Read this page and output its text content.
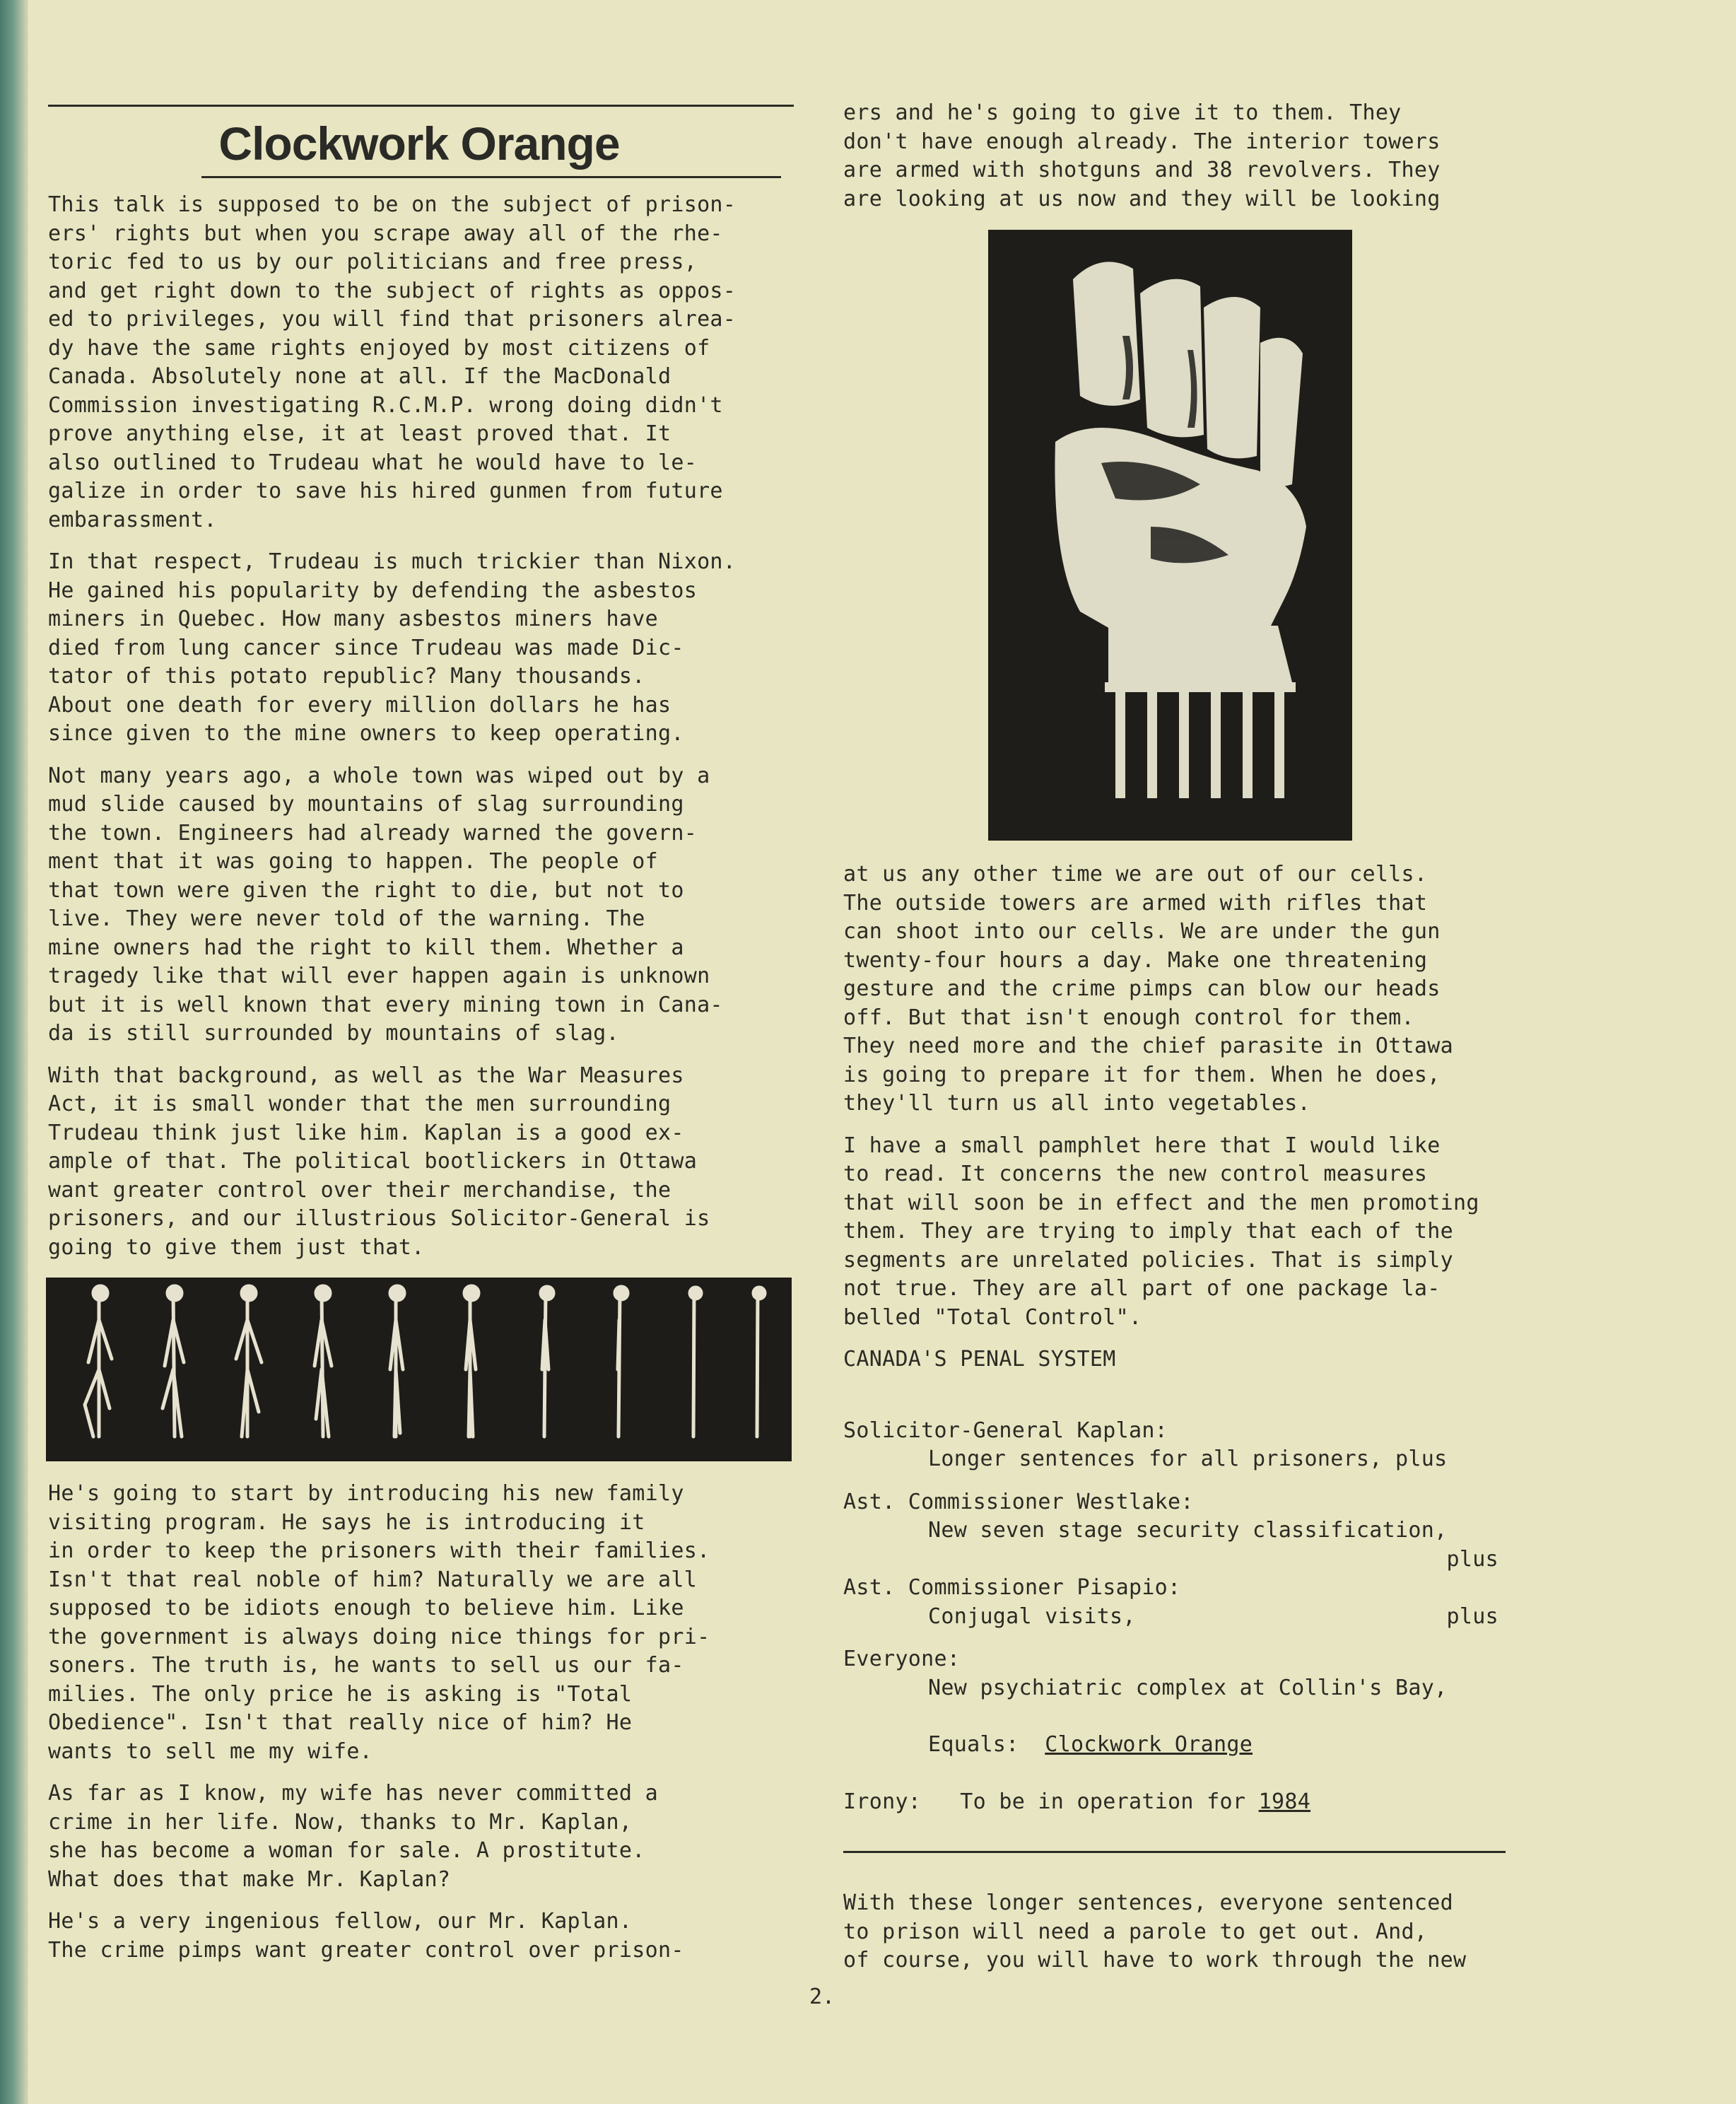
Clockwork Orange

This talk is supposed to be on the subject of prison-
ers' rights but when you scrape away all of the rhe-
toric fed to us by our politicians and free press,
and get right down to the subject of rights as oppos-
ed to privileges, you will find that prisoners alrea-
dy have the same rights enjoyed by most citizens of
Canada. Absolutely none at all. If the MacDonald
Commission investigating R.C.M.P. wrong doing didn't
prove anything else, it at least proved that. It
also outlined to Trudeau what he would have to le-
galize in order to save his hired gunmen from future
embarassment.

In that respect, Trudeau is much trickier than Nixon.
He gained his popularity by defending the asbestos
miners in Quebec. How many asbestos miners have
died from lung cancer since Trudeau was made Dic-
tator of this potato republic? Many thousands.
About one death for every million dollars he has
since given to the mine owners to keep operating.

Not many years ago, a whole town was wiped out by a
mud slide caused by mountains of slag surrounding
the town. Engineers had already warned the govern-
ment that it was going to happen. The people of
that town were given the right to die, but not to
live. They were never told of the warning. The
mine owners had the right to kill them. Whether a
tragedy like that will ever happen again is unknown
but it is well known that every mining town in Cana-
da is still surrounded by mountains of slag.

With that background, as well as the War Measures
Act, it is small wonder that the men surrounding
Trudeau think just like him. Kaplan is a good ex-
ample of that. The political bootlickers in Ottawa
want greater control over their merchandise, the
prisoners, and our illustrious Solicitor-General is
going to give them just that.

He's going to start by introducing his new family
visiting program. He says he is introducing it
in order to keep the prisoners with their families.
Isn't that real noble of him? Naturally we are all
supposed to be idiots enough to believe him. Like
the government is always doing nice things for pri-
soners. The truth is, he wants to sell us our fa-
milies. The only price he is asking is "Total
Obedience". Isn't that really nice of him? He
wants to sell me my wife.

As far as I know, my wife has never committed a
crime in her life. Now, thanks to Mr. Kaplan,
she has become a woman for sale. A prostitute.
What does that make Mr. Kaplan?

He's a very ingenious fellow, our Mr. Kaplan.
The crime pimps want greater control over prison-

ers and he's going to give it to them. They
don't have enough already. The interior towers
are armed with shotguns and 38 revolvers. They
are looking at us now and they will be looking

at us any other time we are out of our cells.
The outside towers are armed with rifles that
can shoot into our cells. We are under the gun
twenty-four hours a day. Make one threatening
gesture and the crime pimps can blow our heads
off. But that isn't enough control for them.
They need more and the chief parasite in Ottawa
is going to prepare it for them. When he does,
they'll turn us all into vegetables.

I have a small pamphlet here that I would like
to read. It concerns the new control measures
that will soon be in effect and the men promoting
them. They are trying to imply that each of the
segments are unrelated policies. That is simply
not true. They are all part of one package la-
belled "Total Control".

CANADA'S PENAL SYSTEM
Solicitor-General Kaplan:
Longer sentences for all prisoners, plus
Ast. Commissioner Westlake:
New seven stage security classification,
plus
Ast. Commissioner Pisapio:
Conjugal visits,	plus
Everyone:
New psychiatric complex at Collin's Bay,
Equals: Clockwork Orange
Irony: To be in operation for 1984

With these longer sentences, everyone sentenced
to prison will need a parole to get out. And,
of course, you will have to work through the new

2.
